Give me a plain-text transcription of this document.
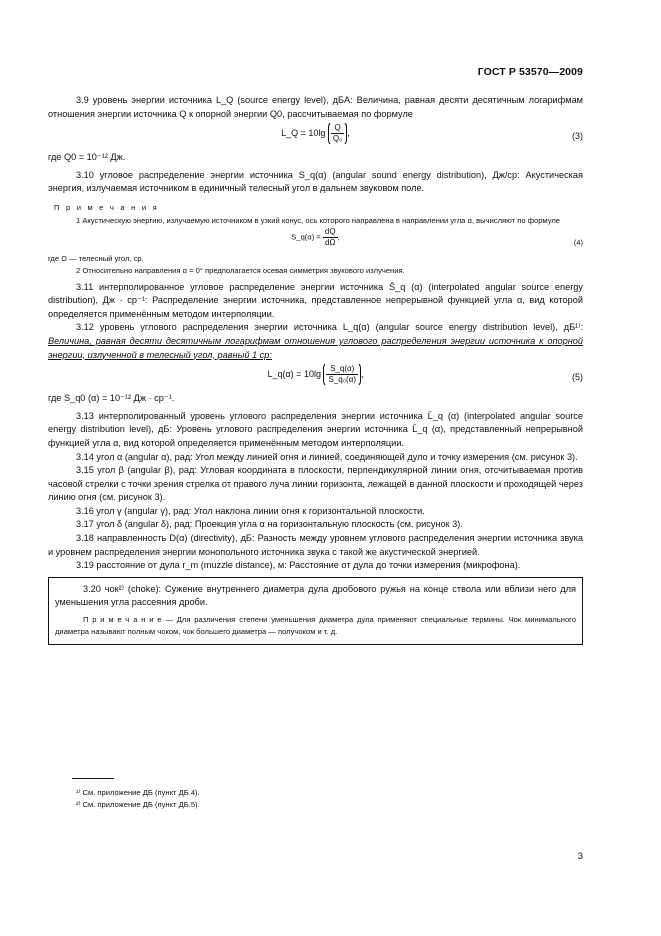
ГОСТ Р 53570—2009

3.9 уровень энергии источника L_Q (source energy level), дБA: Величина, равная десяти десятичным логарифмам отношения энергии источника Q к опорной энергии Q0, рассчитываемая по формуле

L_Q = $10\lg \frac{Q}{\text{Q₀}}$ ,	(3)

где Q0 = 10⁻¹² Дж.

3.10 угловое распределение энергии источника S_q(α) (angular sound energy distribution), Дж/ср: Акустическая энергия, излучаемая источником в единичный телесный угол в дальнем звуковом поле.

П р и м е ч а н и я

1 Акустическую энергию, излучаемую источником в узкий конус, ось которого направлена в направлении угла α, вычисляют по формуле

S_q(α) = $\frac{dQ}{d\Omega}$ ,
(4)

где Ω — телесный угол, ср.

2 Относительно направления α = 0° предполагается осевая симметрия звукового излучения.

3.11 интерполированное угловое распределение энергии источника S̄_q (α) (interpolated angular source energy distribution), Дж · ср⁻¹: Распределение энергии источника, представленное непрерывной функцией угла α, вид которой определяется применённым методом интерполяции.

3.12 уровень углового распределения энергии источника L_q(α) (angular source energy distribution level), дБ¹⁾: Величина, равная десяти десятичным логарифмам отношения углового распределения энергии источника к опорной энергии, излученной в телесный угол, равный 1 ср:

L_q(α) = $10\lg \frac{S\_q(\alpha)}{\text{S\_q₀(α)}}$ ,	(5)

где S_q0 (α) = 10⁻¹² Дж · ср⁻¹.

3.13 интерполированный уровень углового распределения энергии источника L̄_q (α) (interpolated angular source energy distribution level), дБ: Уровень углового распределения энергии источника L̄_q (α), представленный непрерывной функцией угла α, вид которой определяется применённым методом интерполяции.

3.14 угол α (angular α), рад: Угол между линией огня и линией, соединяющей дуло и точку измерения (см. рисунок 3).

3.15 угол β (angular β), рад: Угловая координата в плоскости, перпендикулярной линии огня, отсчитываемая против часовой стрелки с точки зрения стрелка от правого луча линии горизонта, лежащей в данной плоскости и проходящей через линию огня (см. рисунок 3).

3.16 угол γ (angular γ), рад: Угол наклона линии огня к горизонтальной плоскости.

3.17 угол δ (angular δ), рад: Проекция угла α на горизонтальную плоскость (см. рисунок 3).

3.18 направленность D(α) (directivity), дБ: Разность между уровнем углового распределения энергии источника звука и уровнем распределения энергии монопольного источника звука с такой же акустической энергией.

3.19 расстояние от дула r_m (muzzle distance), м: Расстояние от дула до точки измерения (микрофона).

3.20 чок²⁾ (choke): Сужение внутреннего диаметра дула дробового ружья на конце ствола или вблизи него для уменьшения угла рассеяния дроби.

П р и м е ч а н и е — Для различения степени уменьшения диаметра дула применяют специальные термины. Чок минимального диаметра называют полным чоком, чок большего диаметра — получоком и т. д.

¹⁾ См. приложение ДБ (пункт ДБ.4).
²⁾ См. приложение ДБ (пункт ДБ.5).
3
